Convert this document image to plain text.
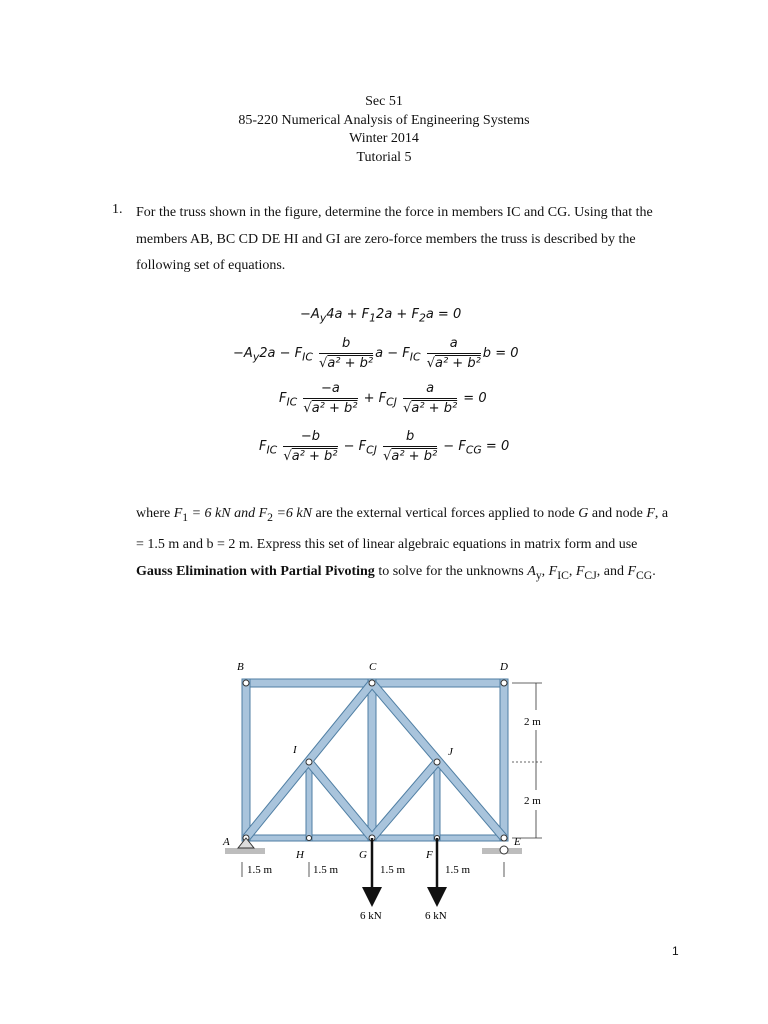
Sec 51
85-220 Numerical Analysis of Engineering Systems
Winter 2014
Tutorial 5
1. For the truss shown in the figure, determine the force in members IC and CG. Using that the members AB, BC CD DE HI and GI are zero-force members the truss is described by the following set of equations.
$-A_y4a + F_12a + F_2a = 0$
$-A_y2a - F_{IC} \frac{b}{\text{√a² + b²}}$ $a - F_{IC} \frac{a}{\text{√a² + b²}}$ b = 0
$F_{IC} \frac{-a}{\text{√a² + b²}} + F_{CJ} \frac{a}{\text{√a² + b²}} = 0$
$F_{IC} \frac{-b}{\text{√a² + b²}} - F_{CJ} \frac{b}{\text{√a² + b²}} - F_{CG} = 0$
where $F_1 = 6$ kN and $F_2 =6$ kN are the external vertical forces applied to node G and node F, a = 1.5 m and b = 2 m. Express this set of linear algebraic equations in matrix form and use Gauss Elimination with Partial Pivoting to solve for the unknowns $A_y$, $F_{IC}$, $F_{CJ}$, and $F_{CG}$.
B	C	D
I	J
A
H	G	F
E
2 m
2 m
1.5 m	1.5 m	1.5 m	1.5 m
6 kN	6 kN
1
